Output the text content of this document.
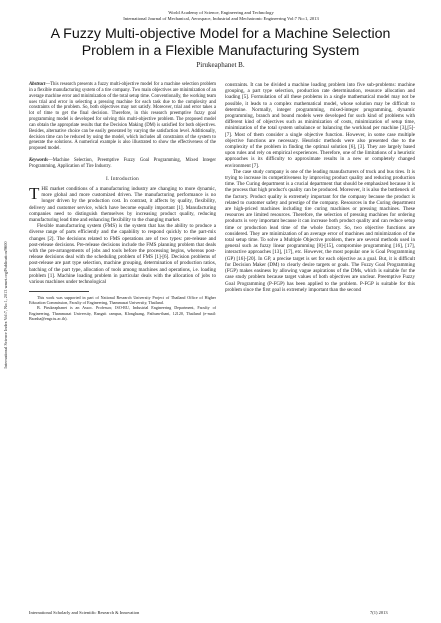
World Academy of Science, Engineering and Technology
International Journal of Mechanical, Aerospace, Industrial and Mechatronic Engineering Vol:7 No:1, 2013
A Fuzzy Multi-objective Model for a Machine Selection Problem in a Flexible Manufacturing System
Pirukeaphanet B.
International Science Index Vol:7, No:1, 2013 waset.org/Publication/9600

Abstract—This research presents a fuzzy multi-objective model for a machine selection problem in a flexible manufacturing system of a tire company. Two main objectives are minimization of an average machine error and minimization of the total setup time. Conventionally, the working team uses trial and error in selecting a pressing machine for each task due to the complexity and constraints of the problem. So, both objectives may not satisfy. Moreover, trial and error takes a lot of time to get the final decision. Therefore, in this research preemptive fuzzy goal programming model is developed for solving this multi-objective problem. The proposed model can obtain the appropriate results that the Decision Making (DM) is satisfied for both objectives. Besides, alternative choice can be easily generated by varying the satisfaction level. Additionally, decision time can be reduced by using the model, which includes all constraints of the system to generate the solutions. A numerical example is also illustrated to show the effectiveness of the proposed model.

Keywords—Machine Selection, Preemptive Fuzzy Goal Programming, Mixed Integer Programming, Application of Tire Industry.

I. Introduction

THE market conditions of a manufacturing industry are changing to more dynamic, more global and more customized driven. The manufacturing performance is no longer driven by the production cost. In contrast, it affects by quality, flexibility, delivery and customer service, which have become equally important [1]. Manufacturing companies need to distinguish themselves by increasing product quality, reducing manufacturing lead time and enhancing flexibility to the changing market.

Flexible manufacturing system (FMS) is the system that has the ability to produce a diverse range of parts efficiently and the capability to respond quickly to the part-mix changes [2]. The decisions related to FMS operations are of two types: pre-release and post-release decisions. Pre-release decisions include the FMS planning problem that deals with the pre-arrangements of jobs and tools before the processing begins, whereas post-release decisions deal with the scheduling problem of FMS [1]-[6]. Decision problems of post-release are part type selection, machine grouping, determination of production ratios, batching of the part type, allocation of tools among machines and operations, i.e. loading problem [1]. Machine loading problem in particular deals with the allocation of jobs to various machines under technological

This work was supported in part of National Research University Project of Thailand Office of Higher Education Commission, Faculty of Engineering, Thammasat University, Thailand.

B. Pirukeaphanet is an Assoc. Professor, ISO-RU, Industrial Engineering Department, Faculty of Engineering, Thammasat University, Rangsit campus, Klongluang, Pathum-thani, 12120, Thailand (e-mail: Bsonha@engr.tu.ac.th).

constraints. It can be divided a machine loading problem into five sub-problems: machine grouping, a part type selection, production rate determination, resource allocation and loading [5]. Formulation of all these problems in a single mathematical model may not be possible, it leads to a complex mathematical model, whose solution may be difficult to determine. Normally, integer programming, mixed-integer programming, dynamic programming, branch and bound models were developed for such kind of problems with different kind of objectives such as minimization of costs, minimization of setup time, minimization of the total system unbalance or balancing the workload per machine [3],[5]-[7]. Most of them consider a single objective function. However, in some case multiple objective functions are necessary. Heuristic methods were also presented due to the complexity of the problem in finding the optimal solution [6], [3]. They are largely based upon rules and rely on empirical experiences. Therefore, one of the limitations of a heuristic approaches is its difficulty to approximate results in a new or completely changed environment [7].

The case study company is one of the leading manufacturers of truck and bus tires. It is trying to increase its competitiveness by improving product quality and reducing production time. The Curing department is a crucial department that should be emphasized because it is the process that high product's quality can be produced. Moreover, it is also the bottleneck of the factory. Product quality is extremely important for the company because the product is related to customer safety and prestige of the company. Resources in the Curing department are high-priced machines including tire curing machines or pressing machines. These resources are limited resources. Therefore, the selection of pressing machines for ordering products is very important because it can increase both product quality and can reduce setup time or production lead time of the whole factory. So, two objective functions are considered. They are minimization of an average error of machines and minimization of the total setup time. To solve a Multiple Objective problem, there are several methods used in general such as fuzzy linear programming [8]-[15], compromise programming [16], [17], interactive approaches [13], [17], etc. However, the most popular one is Goal Programming (GP) [16]-[20]. In GP, a precise target is set for each objective as a goal. But, it is difficult for Decision Maker (DM) to clearly desire targets or goals. The Fuzzy Goal Programming (FGP) makes easiness by allowing vague aspirations of the DMs, which is suitable for the case study problem because target values of both objectives are unclear. Preemptive Fuzzy Goal Programming (P-FGP) has been applied to the problem. P-FGP is suitable for this problem since the first goal is extremely important than the second

International Scholarly and Scientific Research & Innovation	7(1) 2013
